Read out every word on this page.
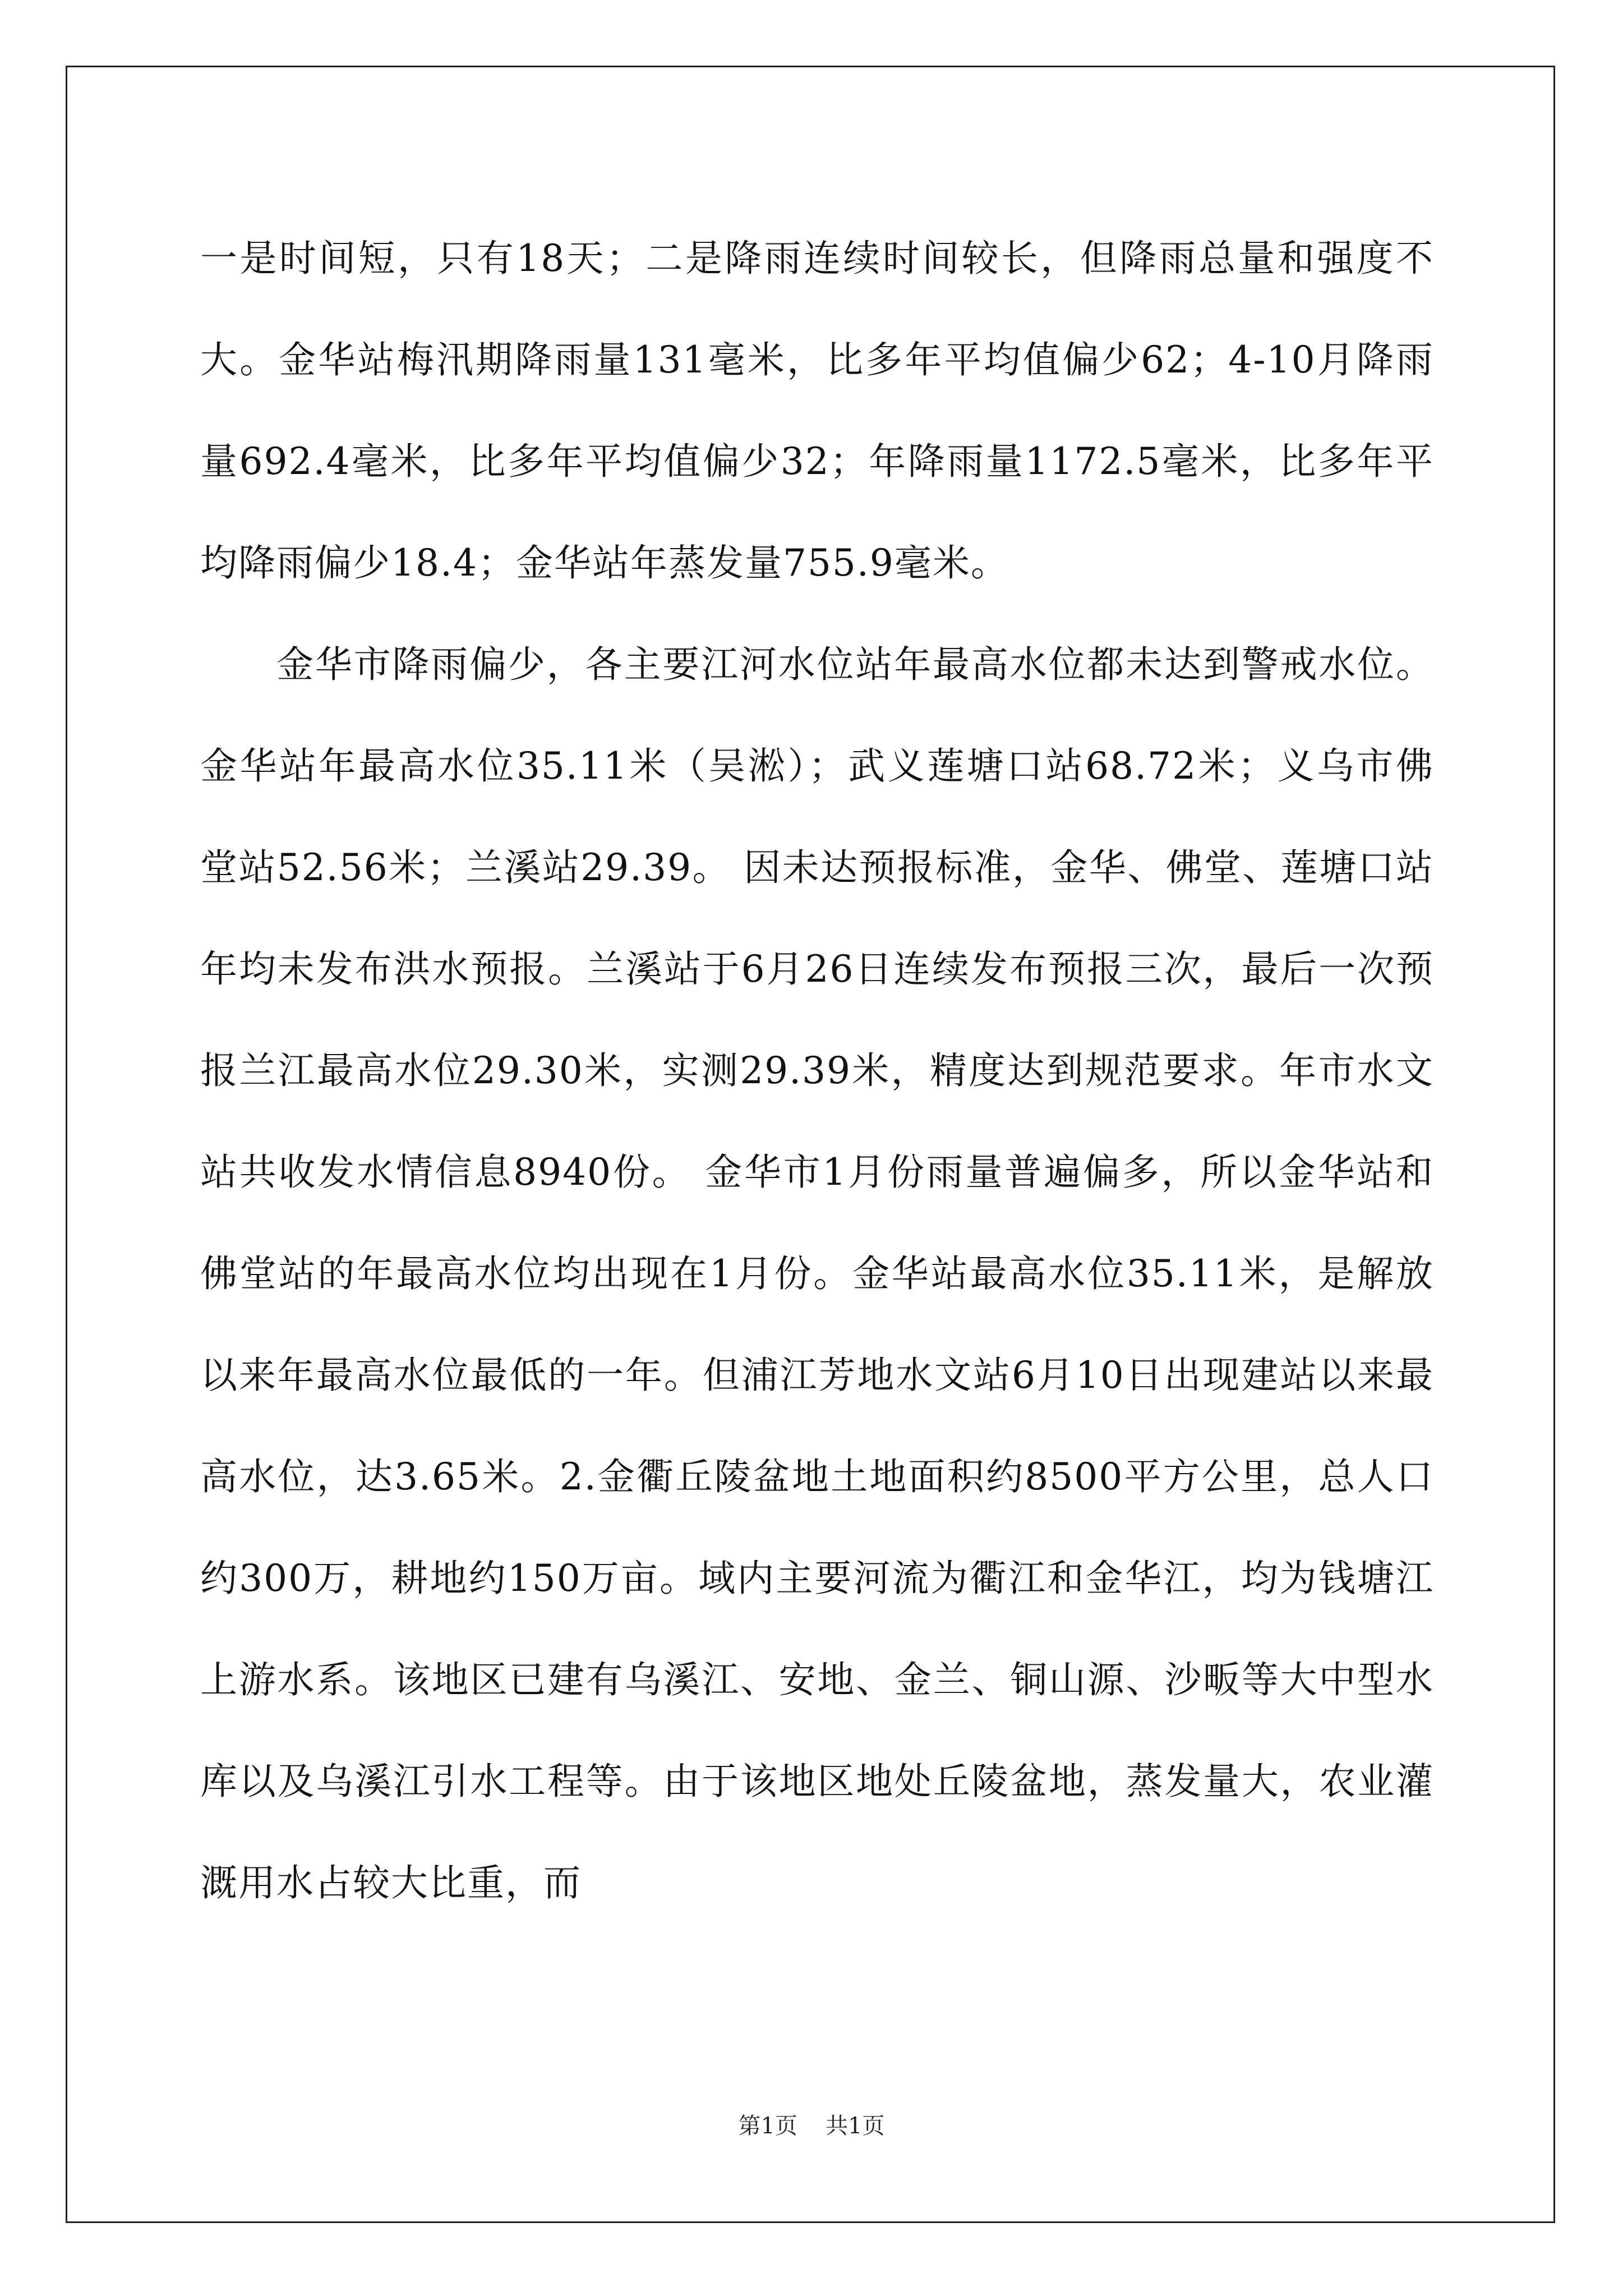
一是时间短，只有18天；二是降雨连续时间较长，但降雨总量和强度不大。金华站梅汛期降雨量131毫米，比多年平均值偏少62；4-10月降雨量692.4毫米，比多年平均值偏少32；年降雨量1172.5毫米，比多年平均降雨偏少18.4；金华站年蒸发量755.9毫米。

金华市降雨偏少，各主要江河水位站年最高水位都未达到警戒水位。金华站年最高水位35.11米（吴淞）；武义莲塘口站68.72米；义乌市佛堂站52.56米；兰溪站29.39。 因未达预报标准，金华、佛堂、莲塘口站年均未发布洪水预报。兰溪站于6月26日连续发布预报三次，最后一次预报兰江最高水位29.30米，实测29.39米，精度达到规范要求。年市水文站共收发水情信息8940份。 金华市1月份雨量普遍偏多，所以金华站和佛堂站的年最高水位均出现在1月份。金华站最高水位35.11米，是解放以来年最高水位最低的一年。但浦江芳地水文站6月10日出现建站以来最高水位，达3.65米。2.金衢丘陵盆地土地面积约8500平方公里，总人口约300万，耕地约150万亩。域内主要河流为衢江和金华江，均为钱塘江上游水系。该地区已建有乌溪江、安地、金兰、铜山源、沙畈等大中型水库以及乌溪江引水工程等。由于该地区地处丘陵盆地，蒸发量大，农业灌溉用水占较大比重，而

第1页 共1页
